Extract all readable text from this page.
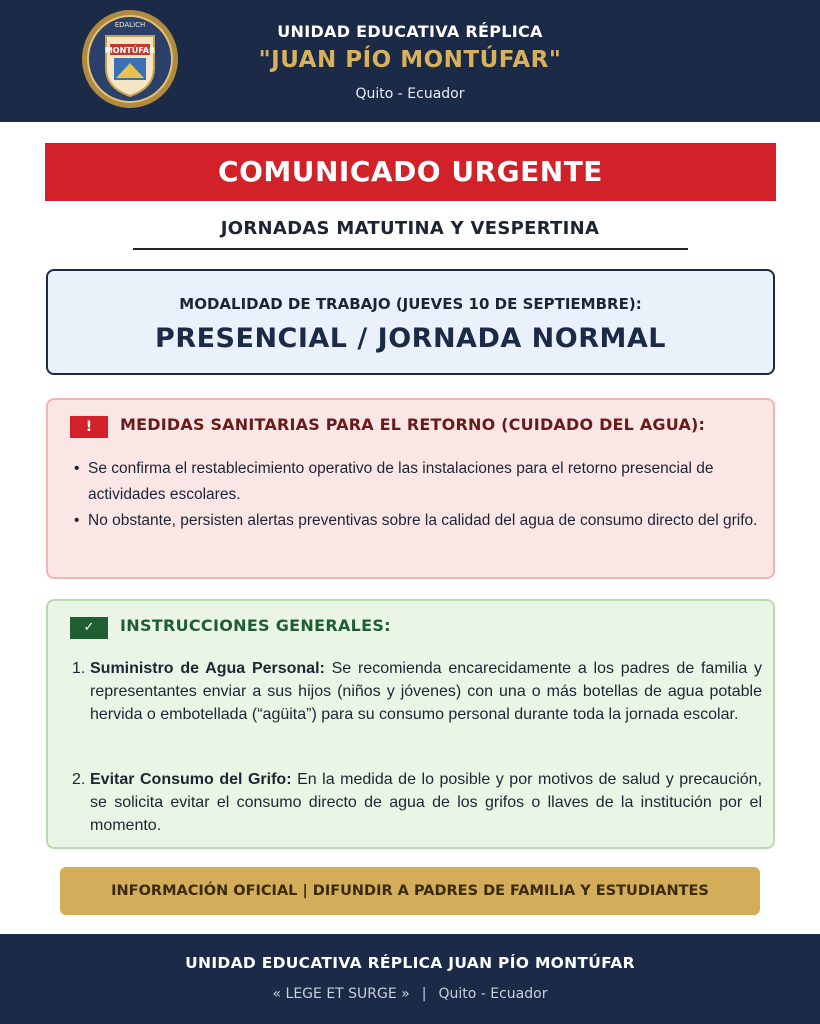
MONTÚFAR
EDALICH	UNIDAD EDUCATIVA RÉPLICA
"JUAN PÍO MONTÚFAR"
Quito - Ecuador
COMUNICADO URGENTE
JORNADAS MATUTINA Y VESPERTINA
MODALIDAD DE TRABAJO (JUEVES 10 DE SEPTIEMBRE):
PRESENCIAL / JORNADA NORMAL
!	MEDIDAS SANITARIAS PARA EL RETORNO (CUIDADO DEL AGUA):
• Se confirma el restablecimiento operativo de las instalaciones para el retorno presencial de actividades escolares.
• No obstante, persisten alertas preventivas sobre la calidad del agua de consumo directo del grifo.
✓	INSTRUCCIONES GENERALES:
1. Suministro de Agua Personal: Se recomienda encarecidamente a los padres de familia y representantes enviar a sus hijos (niños y jóvenes) con una o más botellas de agua potable hervida o embotellada (“agüita”) para su consumo personal durante toda la jornada escolar.
2. Evitar Consumo del Grifo: En la medida de lo posible y por motivos de salud y precaución, se solicita evitar el consumo directo de agua de los grifos o llaves de la institución por el momento.
INFORMACIÓN OFICIAL | DIFUNDIR A PADRES DE FAMILIA Y ESTUDIANTES
UNIDAD EDUCATIVA RÉPLICA JUAN PÍO MONTÚFAR
« LEGE ET SURGE » | Quito - Ecuador
